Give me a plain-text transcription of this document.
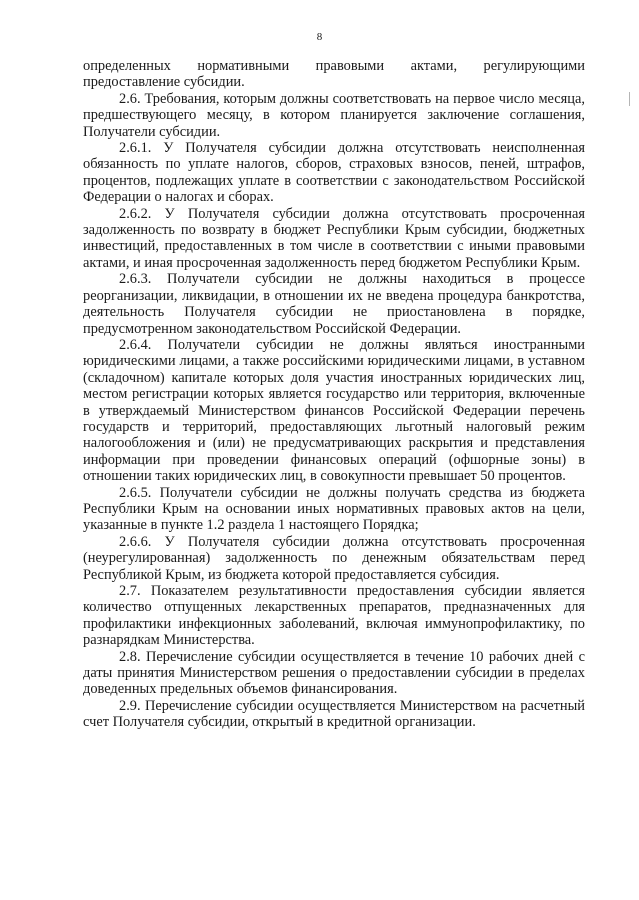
8

определенных нормативными правовыми актами, регулирующими предоставление субсидии.

2.6. Требования, которым должны соответствовать на первое число месяца, предшествующего месяцу, в котором планируется заключение соглашения, Получатели субсидии.

2.6.1. У Получателя субсидии должна отсутствовать неисполненная обязанность по уплате налогов, сборов, страховых взносов, пеней, штрафов, процентов, подлежащих уплате в соответствии с законодательством Российской Федерации о налогах и сборах.

2.6.2. У Получателя субсидии должна отсутствовать просроченная задолженность по возврату в бюджет Республики Крым субсидии, бюджетных инвестиций, предоставленных в том числе в соответствии с иными правовыми актами, и иная просроченная задолженность перед бюджетом Республики Крым.

2.6.3. Получатели субсидии не должны находиться в процессе реорганизации, ликвидации, в отношении их не введена процедура банкротства, деятельность Получателя субсидии не приостановлена в порядке, предусмотренном законодательством Российской Федерации.

2.6.4. Получатели субсидии не должны являться иностранными юридическими лицами, а также российскими юридическими лицами, в уставном (складочном) капитале которых доля участия иностранных юридических лиц, местом регистрации которых является государство или территория, включенные в утверждаемый Министерством финансов Российской Федерации перечень государств и территорий, предоставляющих льготный налоговый режим налогообложения и (или) не предусматривающих раскрытия и представления информации при проведении финансовых операций (офшорные зоны) в отношении таких юридических лиц, в совокупности превышает 50 процентов.

2.6.5. Получатели субсидии не должны получать средства из бюджета Республики Крым на основании иных нормативных правовых актов на цели, указанные в пункте 1.2 раздела 1 настоящего Порядка;

2.6.6. У Получателя субсидии должна отсутствовать просроченная (неурегулированная) задолженность по денежным обязательствам перед Республикой Крым, из бюджета которой предоставляется субсидия.

2.7. Показателем результативности предоставления субсидии является количество отпущенных лекарственных препаратов, предназначенных для профилактики инфекционных заболеваний, включая иммунопрофилактику, по разнарядкам Министерства.

2.8. Перечисление субсидии осуществляется в течение 10 рабочих дней с даты принятия Министерством решения о предоставлении субсидии в пределах доведенных предельных объемов финансирования.

2.9. Перечисление субсидии осуществляется Министерством на расчетный счет Получателя субсидии, открытый в кредитной организации.
